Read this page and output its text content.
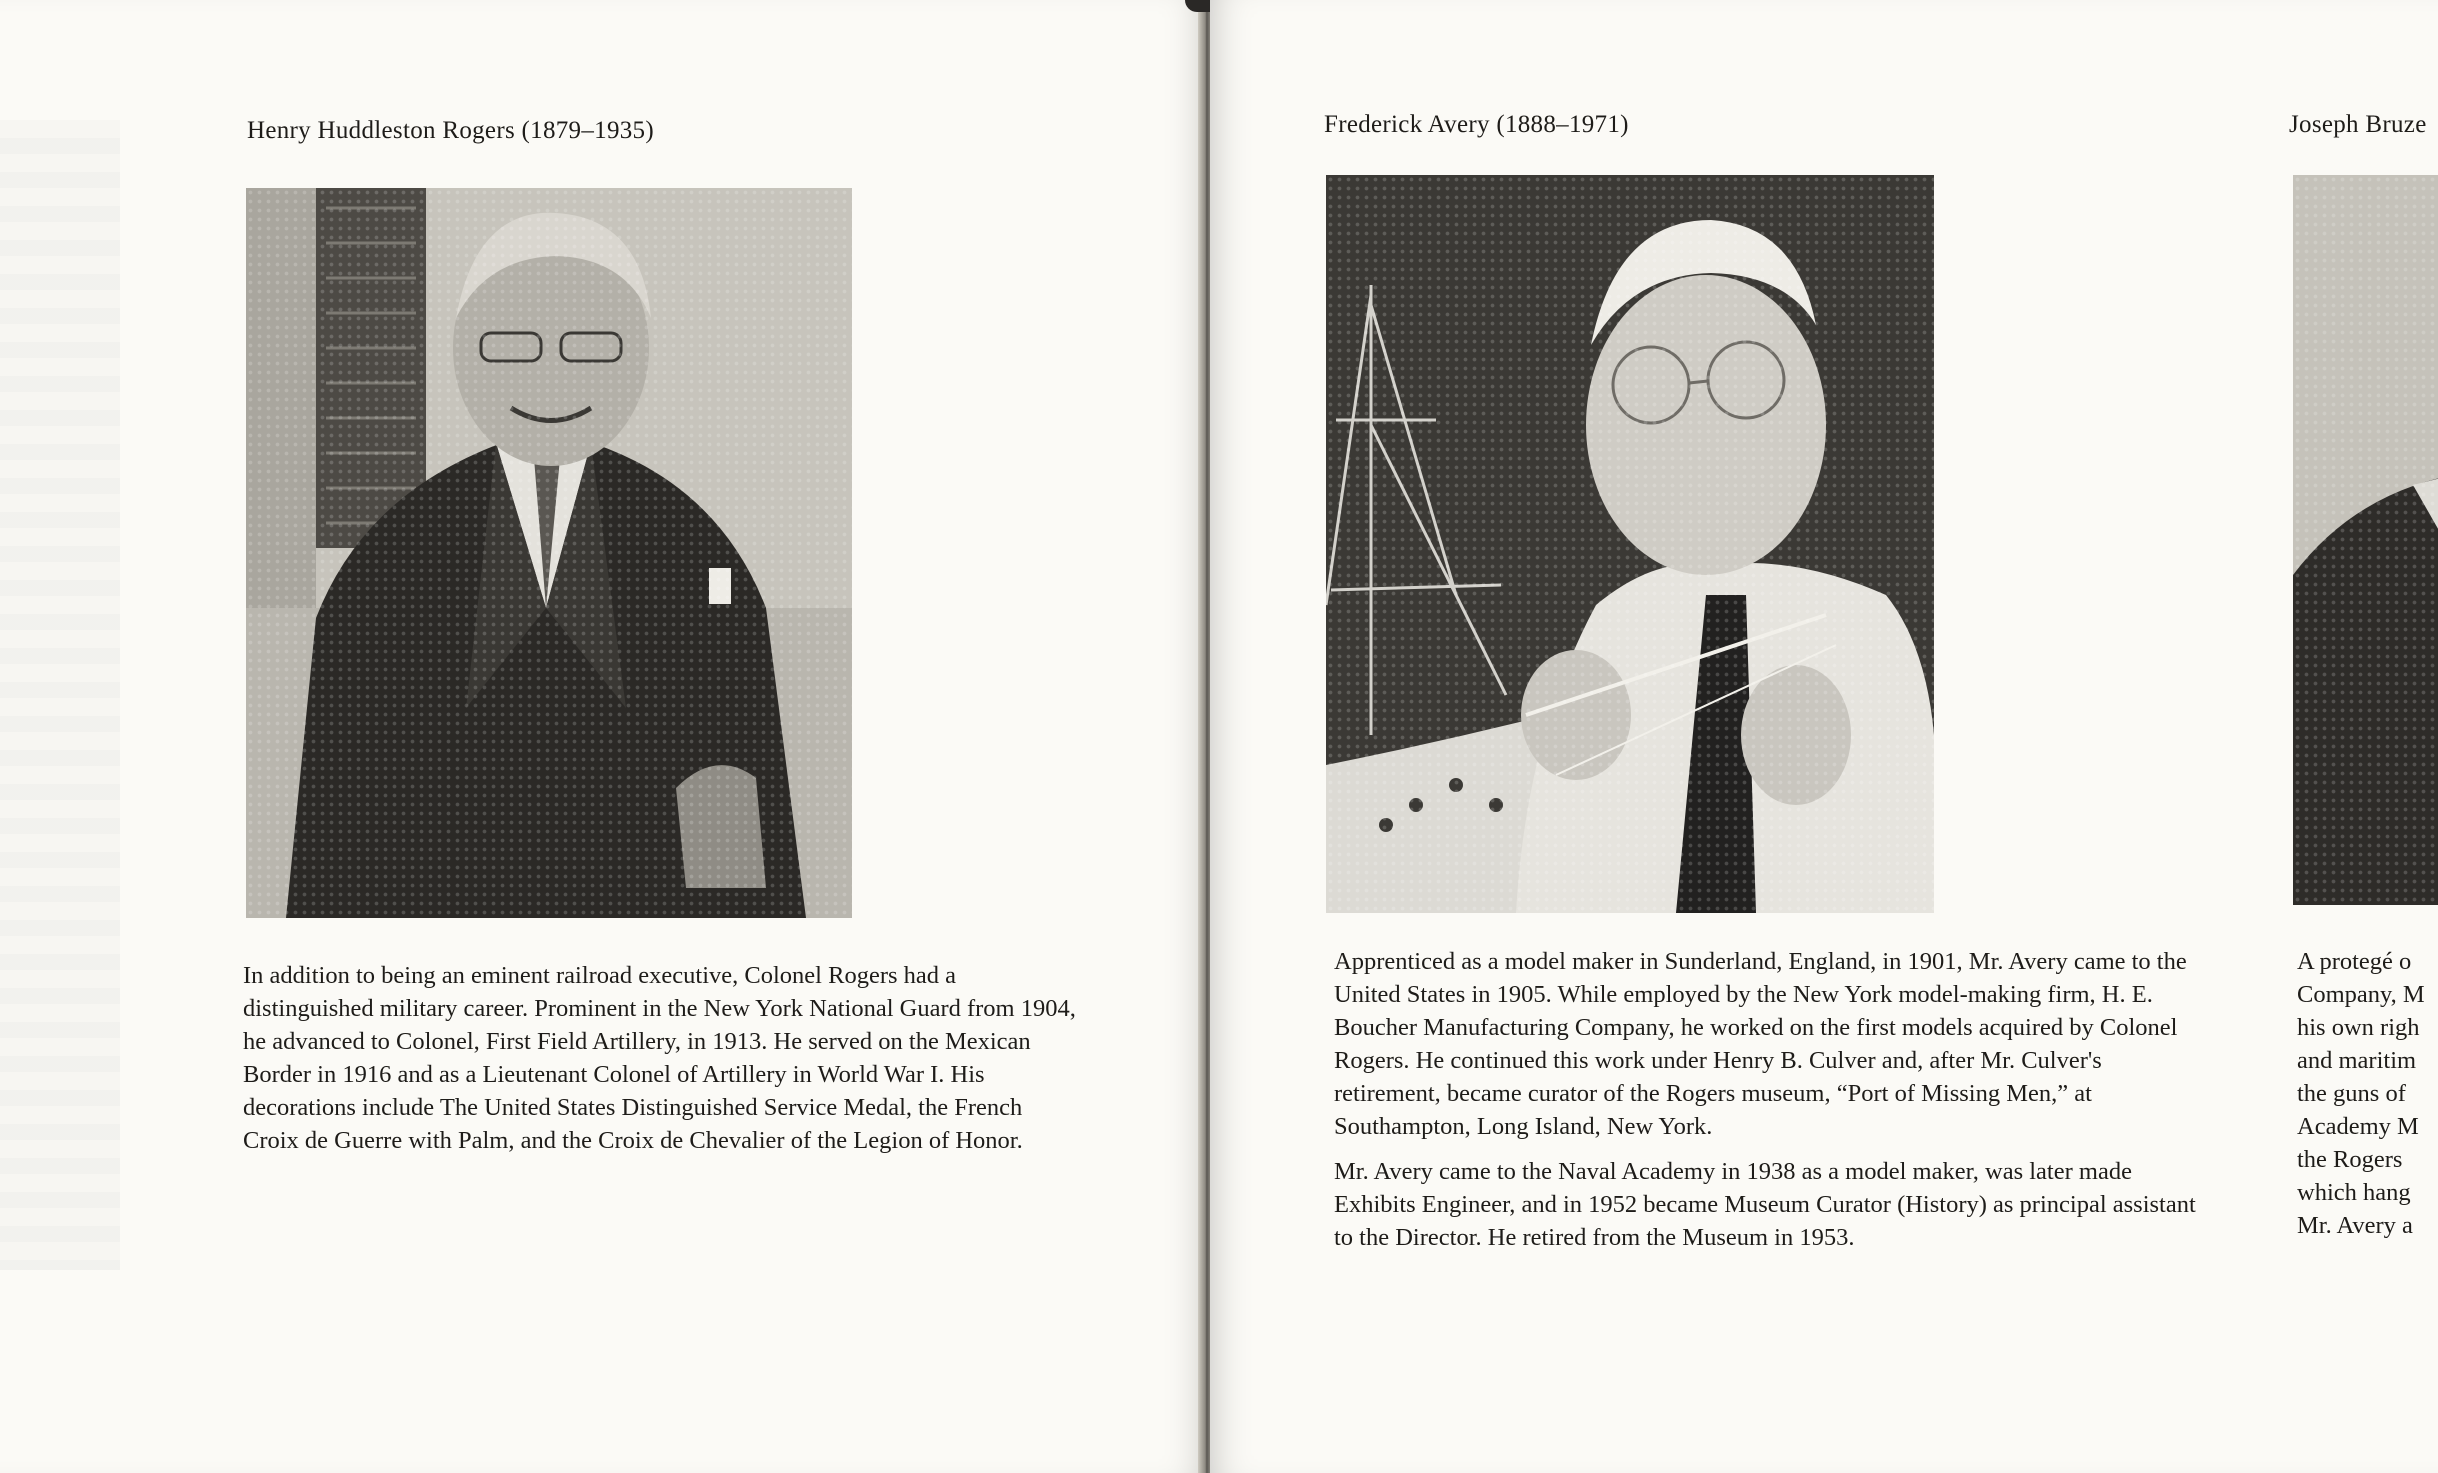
Henry Huddleston Rogers (1879–1935)

In addition to being an eminent railroad executive, Colonel Rogers had a distinguished military career. Prominent in the New York National Guard from 1904, he advanced to Colonel, First Field Artillery, in 1913. He served on the Mexican Border in 1916 and as a Lieutenant Colonel of Artillery in World War I. His decorations include The United States Distinguished Service Medal, the French Croix de Guerre with Palm, and the Croix de Chevalier of the Legion of Honor.

Frederick Avery (1888–1971)

Apprenticed as a model maker in Sunderland, England, in 1901, Mr. Avery came to the United States in 1905. While employed by the New York model-making firm, H. E. Boucher Manufacturing Company, he worked on the first models acquired by Colonel Rogers. He continued this work under Henry B. Culver and, after Mr. Culver's retirement, became curator of the Rogers museum, “Port of Missing Men,” at Southampton, Long Island, New York.

Mr. Avery came to the Naval Academy in 1938 as a model maker, was later made Exhibits Engineer, and in 1952 became Museum Curator (History) as principal assistant to the Director. He retired from the Museum in 1953.

Joseph Bruze

A protegé o
Company, M
his own righ
and maritim
the guns of
Academy M
the Rogers
which hang
Mr. Avery a
